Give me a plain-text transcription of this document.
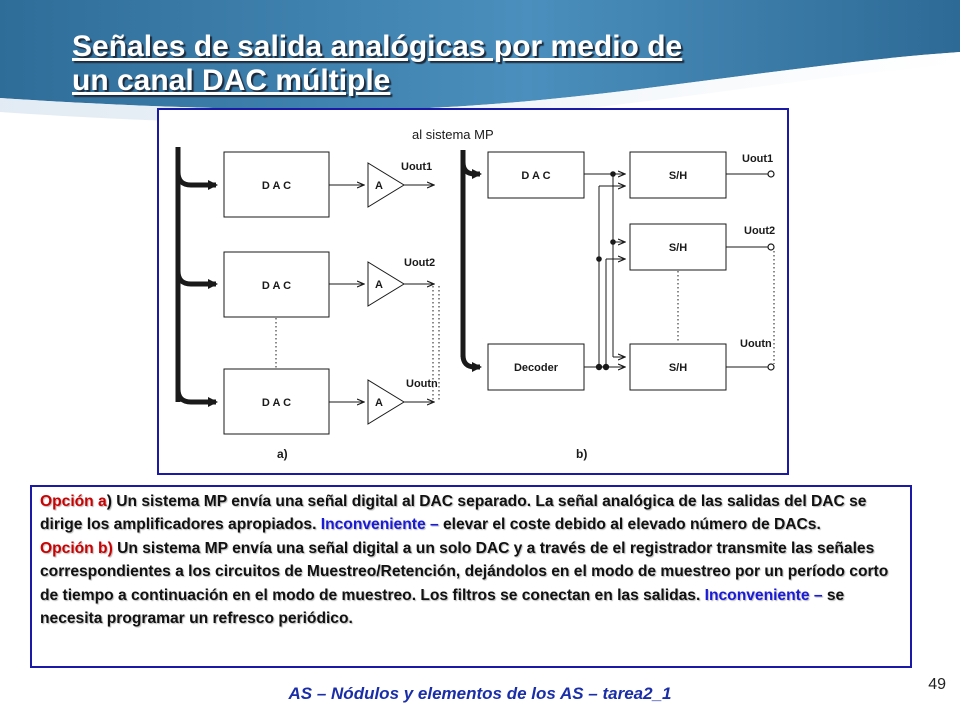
Señales de salida analógicas por medio de
un canal DAC múltiple
al sistema MP
D A C
D A C
D A C
A
A
A
Uout1
Uout2
Uoutn
a)
D A C
Decoder
S/H
S/H
S/H
Uout1
Uout2
Uoutn
b)

Opción a) Un sistema MP envía una señal digital al DAC separado. La señal analógica de las salidas del DAC se dirige los amplificadores apropiados. Inconveniente – elevar el coste debido al elevado número de DACs.

Opción b) Un sistema MP envía una señal digital a un solo DAC y a través de el registrador transmite las señales correspondientes a los circuitos de Muestreo/Retención, dejándolos en el modo de muestreo por un período corto de tiempo a continuación en el modo de muestreo. Los filtros se conectan en las salidas. Inconveniente – se necesita programar un refresco periódico.

AS – Nódulos y elementos de los AS – tarea2_1	49
